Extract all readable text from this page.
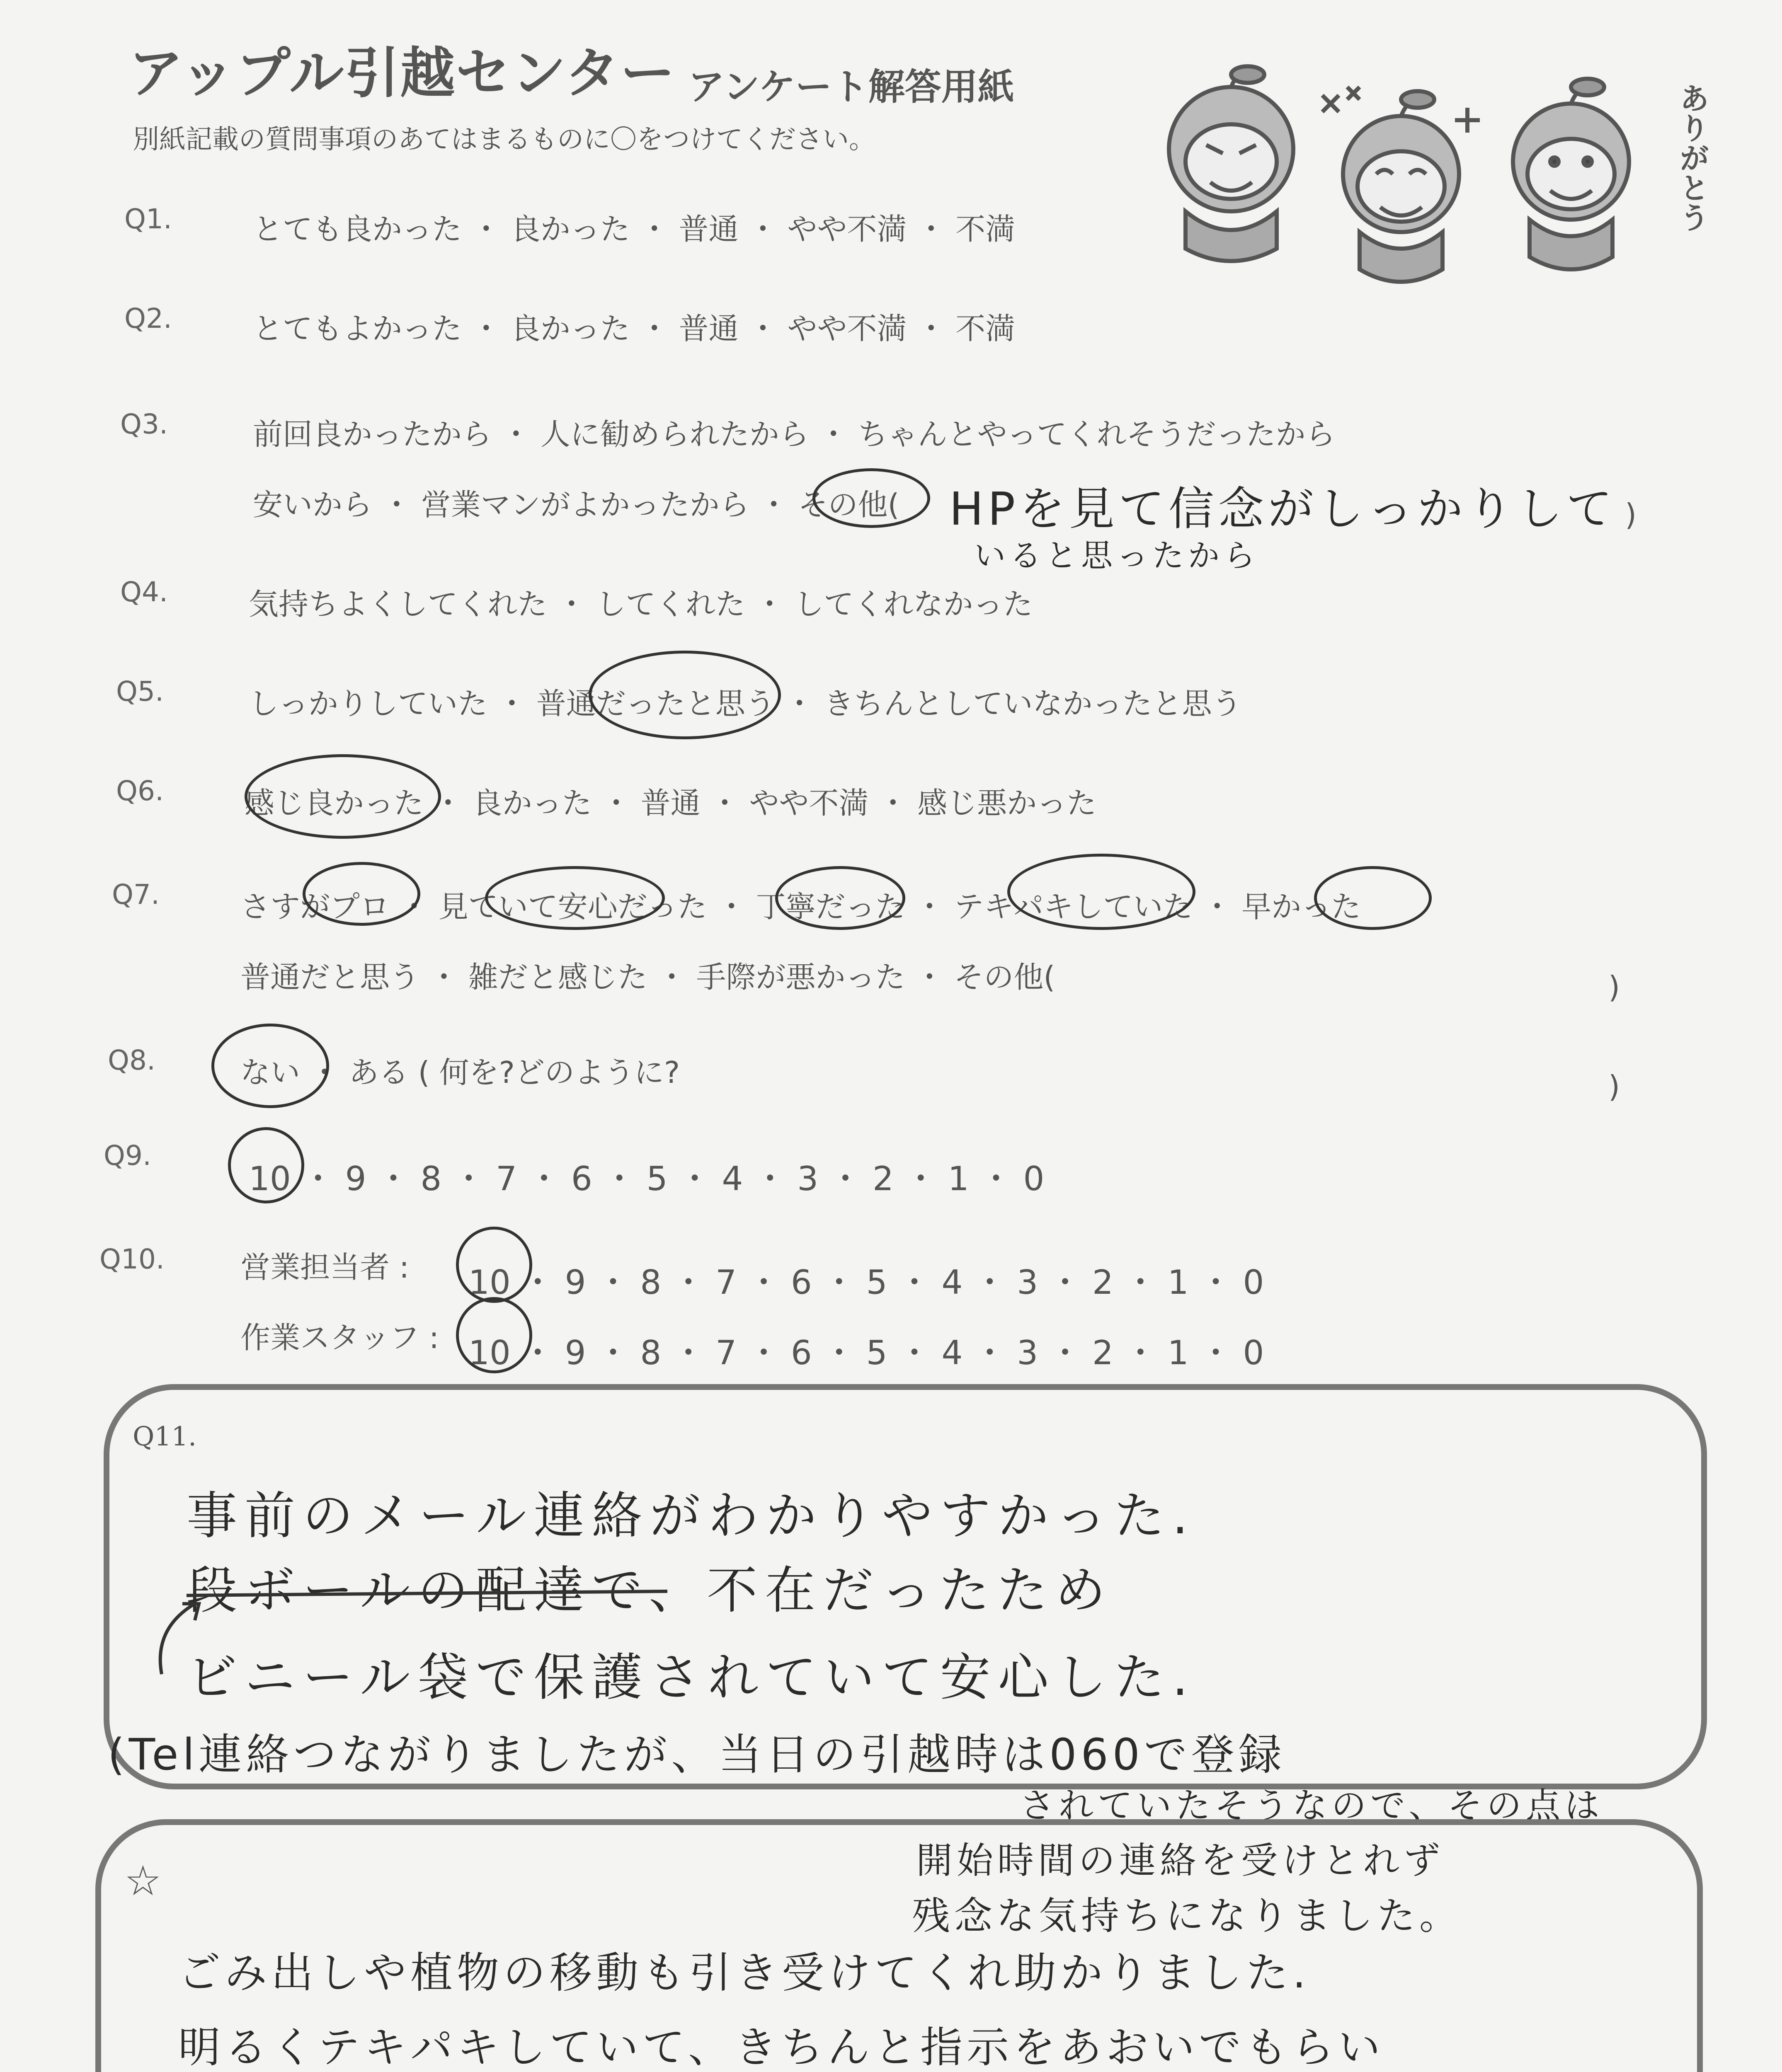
アップル引越センター アンケート解答用紙
別紙記載の質問事項のあてはまるものに〇をつけてください。	ありがとう
Q1.	とても良かった ・ 良かった ・ 普通 ・ やや不満 ・ 不満
Q2.	とてもよかった ・ 良かった ・ 普通 ・ やや不満 ・ 不満
Q3.	前回良かったから ・ 人に勧められたから ・ ちゃんとやってくれそうだったから
安いから ・ 営業マンがよかったから ・ その他( HPを見て信念がしっかりして
いると思ったから
)
Q4.	気持ちよくしてくれた ・ してくれた ・ してくれなかった
Q5.	しっかりしていた ・ 普通だったと思う ・ きちんとしていなかったと思う
Q6.	感じ良かった ・ 良かった ・ 普通 ・ やや不満 ・ 感じ悪かった
Q7.	さすがプロ ・ 見ていて安心だった ・ 丁寧だった ・ テキパキしていた ・ 早かった
普通だと思う ・ 雑だと感じた ・ 手際が悪かった ・ その他(	)
Q8.	ない ・ ある ( 何を?どのように?	)
Q9.
10 ・ 9 ・ 8 ・ 7 ・ 6 ・ 5 ・ 4 ・ 3 ・ 2 ・ 1 ・ 0
Q10.	営業担当者 : 10 ・ 9 ・ 8 ・ 7 ・ 6 ・ 5 ・ 4 ・ 3 ・ 2 ・ 1 ・ 0
作業スタッフ : 10 ・ 9 ・ 8 ・ 7 ・ 6 ・ 5 ・ 4 ・ 3 ・ 2 ・ 1 ・ 0
Q11.
事前のメール連絡がわかりやすかった.
段ボールの配達で、不在だったため
ビニール袋で保護されていて安心した.
(Tel連絡つながりましたが、当日の引越時は060で登録
されていたそうなので、その点は
開始時間の連絡を受けとれず
残念な気持ちになりました。
☆
ごみ出しや植物の移動も引き受けてくれ助かりました.
明るくテキパキしていて、きちんと指示をあおいでもらい
